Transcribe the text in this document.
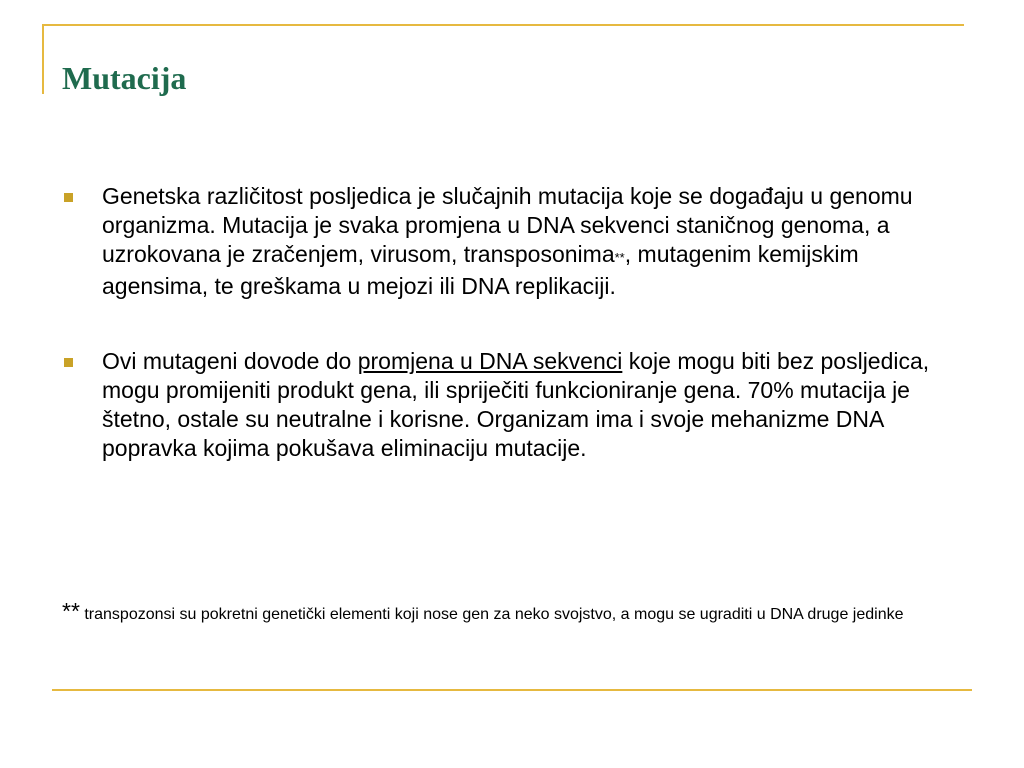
Mutacija
Genetska različitost posljedica je slučajnih mutacija koje se događaju u genomu organizma. Mutacija je svaka promjena u DNA sekvenci staničnog genoma, a uzrokovana je zračenjem, virusom, transposonima**, mutagenim kemijskim agensima, te greškama u mejozi ili DNA replikaciji.
Ovi mutageni dovode do promjena u DNA sekvenci koje mogu biti bez posljedica, mogu promijeniti produkt gena, ili spriječiti funkcioniranje gena. 70% mutacija je štetno, ostale su neutralne i korisne. Organizam ima i svoje mehanizme DNA popravka kojima pokušava eliminaciju mutacije.

** transpozonsi su pokretni genetički elementi koji nose gen za neko svojstvo, a mogu se ugraditi u DNA druge jedinke
